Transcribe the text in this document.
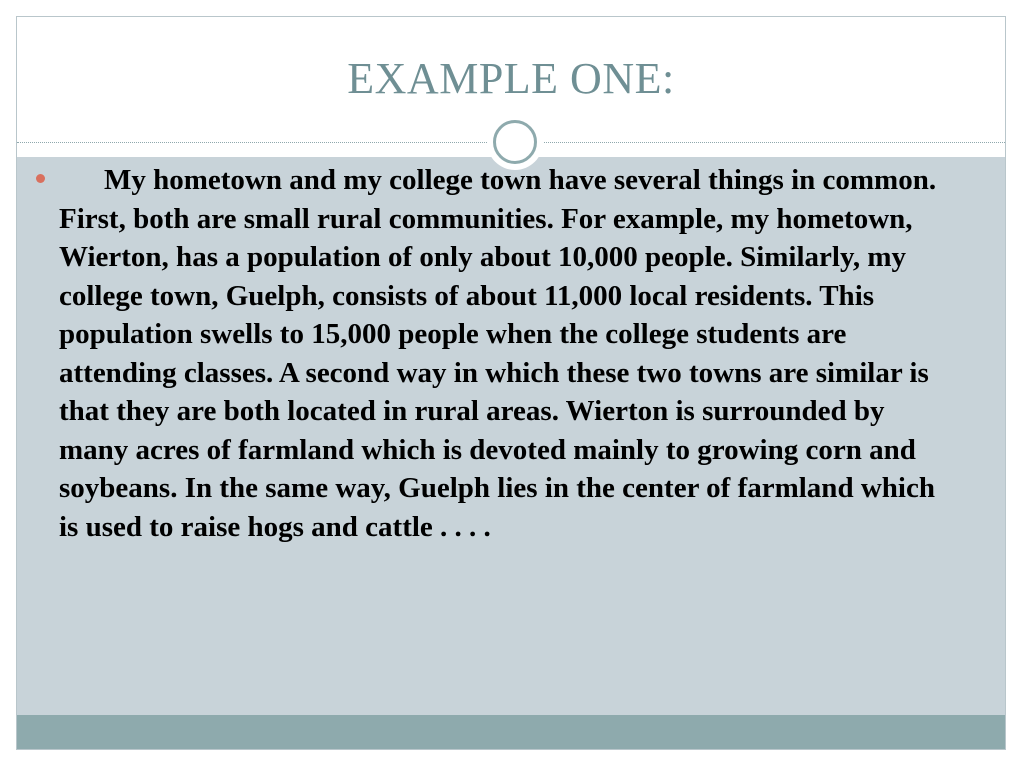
EXAMPLE ONE:
My hometown and my college town have several things in common. First, both are small rural communities. For example, my hometown, Wierton, has a population of only about 10,000 people. Similarly, my college town, Guelph, consists of about 11,000 local residents. This population swells to 15,000 people when the college students are attending classes. A second way in which these two towns are similar is that they are both located in rural areas. Wierton is surrounded by many acres of farmland which is devoted mainly to growing corn and soybeans. In the same way, Guelph lies in the center of farmland which is used to raise hogs and cattle . . . .
